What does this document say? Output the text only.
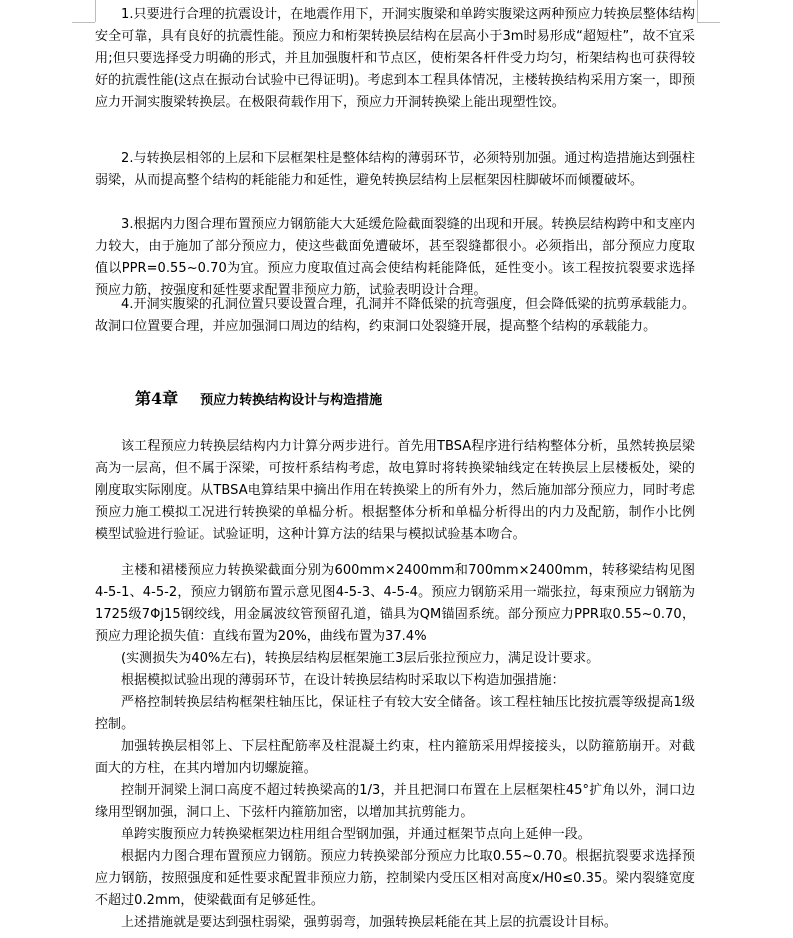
1.只要进行合理的抗震设计，在地震作用下，开洞实腹梁和单跨实腹梁这两种预应力转换层整体结构安全可靠，具有良好的抗震性能。预应力和桁架转换层结构在层高小于3m时易形成“超短柱”，故不宜采用;但只要选择受力明确的形式，并且加强腹杆和节点区，使桁架各杆件受力均匀，桁架结构也可获得较好的抗震性能(这点在振动台试验中已得证明)。考虑到本工程具体情况，主楼转换结构采用方案一，即预应力开洞实腹梁转换层。在极限荷载作用下，预应力开洞转换梁上能出现塑性饺。

2.与转换层相邻的上层和下层框架柱是整体结构的薄弱环节，必须特别加强。通过构造措施达到强柱弱梁，从而提高整个结构的耗能能力和延性，避免转换层结构上层框架因柱脚破坏而倾覆破坏。

3.根据内力图合理布置预应力钢筋能大大延缓危险截面裂缝的出现和开展。转换层结构跨中和支座内力较大，由于施加了部分预应力，使这些截面免遭破坏，甚至裂缝都很小。必须指出，部分预应力度取值以PPR=0.55~0.70为宜。预应力度取值过高会使结构耗能降低，延性变小。该工程按抗裂要求选择预应力筋，按强度和延性要求配置非预应力筋，试验表明设计合理。

4.开洞实腹梁的孔洞位置只要设置合理，孔洞并不降低梁的抗弯强度，但会降低梁的抗剪承载能力。故洞口位置要合理，并应加强洞口周边的结构，约束洞口处裂缝开展，提高整个结构的承载能力。

第4章 预应力转换结构设计与构造措施

该工程预应力转换层结构内力计算分两步进行。首先用TBSA程序进行结构整体分析，虽然转换层梁高为一层高，但不属于深梁，可按杆系结构考虑，故电算时将转换梁轴线定在转换层上层楼板处，梁的刚度取实际刚度。从TBSA电算结果中摘出作用在转换梁上的所有外力，然后施加部分预应力，同时考虑预应力施工模拟工况进行转换梁的单榀分析。根据整体分析和单榀分析得出的内力及配筋，制作小比例模型试验进行验证。试验证明，这种计算方法的结果与模拟试验基本吻合。

主楼和裙楼预应力转换梁截面分别为600mm×2400mm和700mm×2400mm，转移梁结构见图4-5-1、4-5-2，预应力钢筋布置示意见图4-5-3、4-5-4。预应力钢筋采用一端张拉，每束预应力钢筋为1725级7Φj15钢绞线，用金属波纹管预留孔道，锚具为QM锚固系统。部分预应力PPR取0.55~0.70，预应力理论损失值：直线布置为20%，曲线布置为37.4%

(实测损失为40%左右)，转换层结构层框架施工3层后张拉预应力，满足设计要求。

根据模拟试验出现的薄弱环节，在设计转换层结构时采取以下构造加强措施：

严格控制转换层结构框架柱轴压比，保证柱子有较大安全储备。该工程柱轴压比按抗震等级提高1级控制。

加强转换层相邻上、下层柱配筋率及柱混凝土约束，柱内箍筋采用焊接接头，以防箍筋崩开。对截面大的方柱，在其内增加内切螺旋箍。

控制开洞梁上洞口高度不超过转换梁高的1/3，并且把洞口布置在上层框架柱45°扩角以外，洞口边缘用型钢加强，洞口上、下弦杆内箍筋加密，以增加其抗剪能力。

单跨实腹预应力转换梁框架边柱用组合型钢加强，并通过框架节点向上延伸一段。

根据内力图合理布置预应力钢筋。预应力转换梁部分预应力比取0.55~0.70。根据抗裂要求选择预应力钢筋，按照强度和延性要求配置非预应力筋，控制梁内受压区相对高度x/H0≤0.35。梁内裂缝宽度不超过0.2mm，使梁截面有足够延性。

上述措施就是要达到强柱弱梁，强剪弱弯，加强转换层耗能在其上层的抗震设计目标。
